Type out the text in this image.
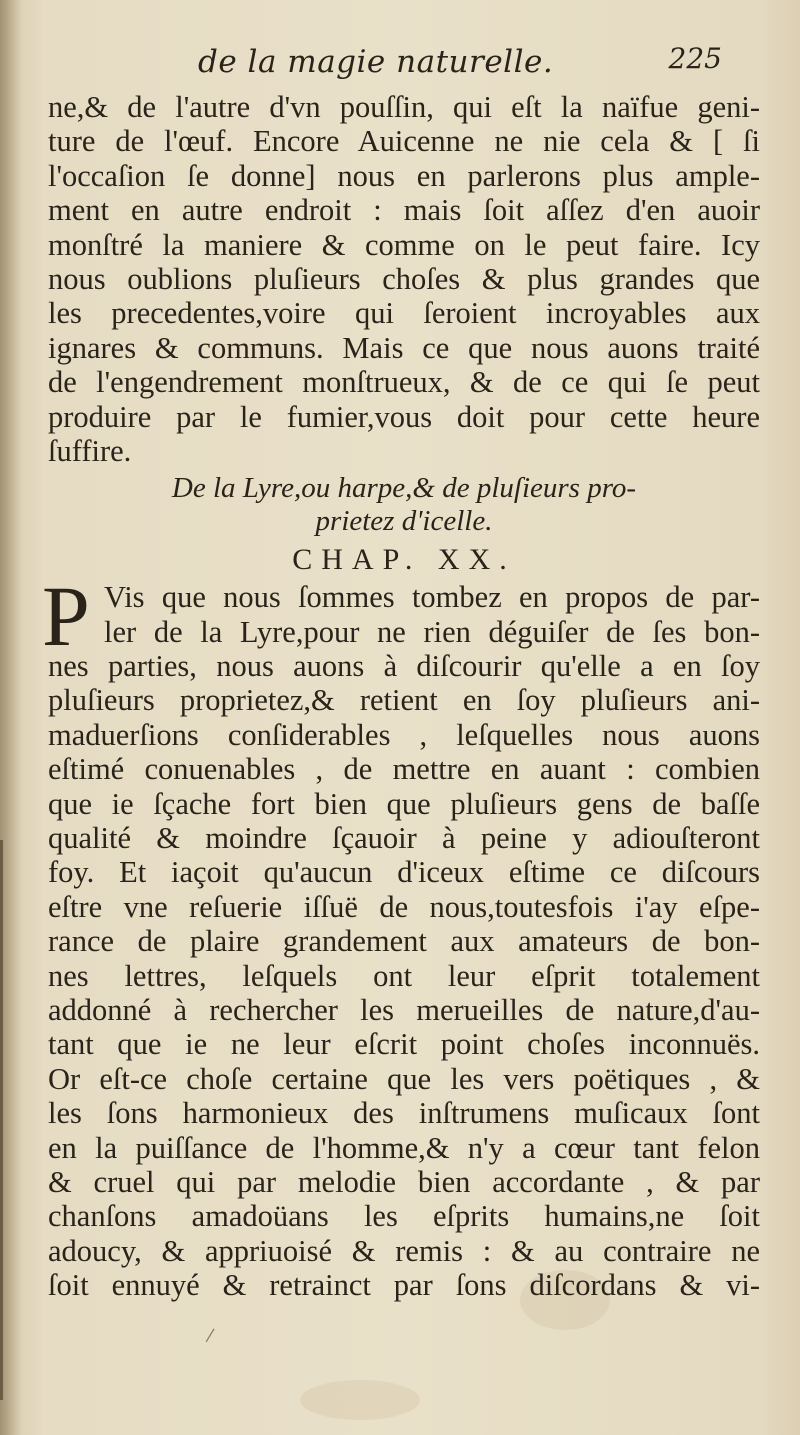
de la magie naturelle.	225
ne,& de l'autre d'vn pouſſin, qui eſt la naïfue geni-
ture de l'œuf. Encore Auicenne ne nie cela & [ ſi
l'occaſion ſe donne] nous en parlerons plus ample-
ment en autre endroit : mais ſoit aſſez d'en auoir
monſtré la maniere & comme on le peut faire. Icy
nous oublions pluſieurs choſes & plus grandes que
les precedentes,voire qui ſeroient incroyables aux
ignares & communs. Mais ce que nous auons traité
de l'engendrement monſtrueux, & de ce qui ſe peut
produire par le fumier,vous doit pour cette heure
ſuffire.
De la Lyre,ou harpe,& de pluſieurs pro-
prietez d'icelle.
CHAP. XX.
P Vis que nous ſommes tombez en propos de par-
ler de la Lyre,pour ne rien déguiſer de ſes bon-
nes parties, nous auons à diſcourir qu'elle a en ſoy
pluſieurs proprietez,& retient en ſoy pluſieurs ani-
maduerſions conſiderables , leſquelles nous auons
eſtimé conuenables , de mettre en auant : combien
que ie ſçache fort bien que pluſieurs gens de baſſe
qualité & moindre ſçauoir à peine y adiouſteront
foy. Et iaçoit qu'aucun d'iceux eſtime ce diſcours
eſtre vne reſuerie iſſuë de nous,toutesfois i'ay eſpe-
rance de plaire grandement aux amateurs de bon-
nes lettres, leſquels ont leur eſprit totalement
addonné à rechercher les merueilles de nature,d'au-
tant que ie ne leur eſcrit point choſes inconnuës.
Or eſt-ce choſe certaine que les vers poëtiques , &
les ſons harmonieux des inſtrumens muſicaux ſont
en la puiſſance de l'homme,& n'y a cœur tant felon
& cruel qui par melodie bien accordante , & par
chanſons amadoüans les eſprits humains,ne ſoit
adoucy, & appriuoisé & remis : & au contraire ne
ſoit ennuyé & retrainct par ſons diſcordans & vi-
⸝
